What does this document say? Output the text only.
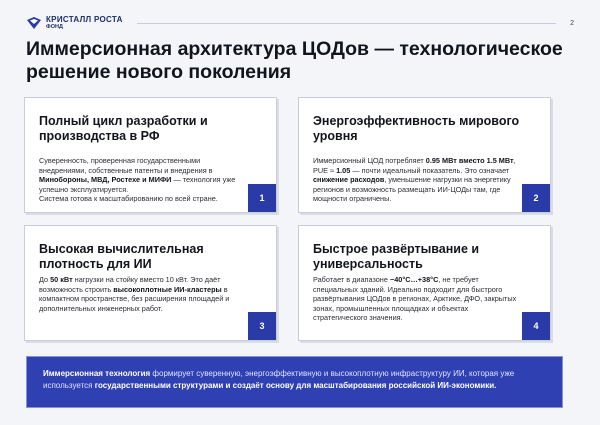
КРИСТАЛЛ РОСТА
ФОНД
2
Иммерсионная архитектура ЦОДов — технологическое решение нового поколения
Полный цикл разработки и производства в РФ
Суверенность, проверенная государственными внедрениями, собственные патенты и внедрения в Минобороны, МВД, Ростехе и МИФИ — технология уже успешно эксплуатируется.
Система готова к масштабированию по всей стране.	1
Энергоэффективность мирового уровня
Иммерсионный ЦОД потребляет 0.95 МВт вместо 1.5 МВт, PUE ≈ 1.05 — почти идеальный показатель. Это означает снижение расходов, уменьшение нагрузки на энергетику регионов и возможность размещать ИИ-ЦОДы там, где мощности ограничены.	2
Высокая вычислительная плотность для ИИ
До 50 кВт нагрузки на стойку вместо 10 кВт. Это даёт возможность строить высокоплотные ИИ-кластеры в компактном пространстве, без расширения площадей и дополнительных инженерных работ.
3
Быстрое развёртывание и универсальность
Работает в диапазоне −40°C…+38°C, не требует специальных зданий. Идеально подходит для быстрого развёртывания ЦОДов в регионах, Арктике, ДФО, закрытых зонах, промышленных площадках и объектах стратегического значения.
4
Иммерсионная технология формирует суверенную, энергоэффективную и высокоплотную инфраструктуру ИИ, которая уже используется государственными структурами и создаёт основу для масштабирования российской ИИ-экономики.
